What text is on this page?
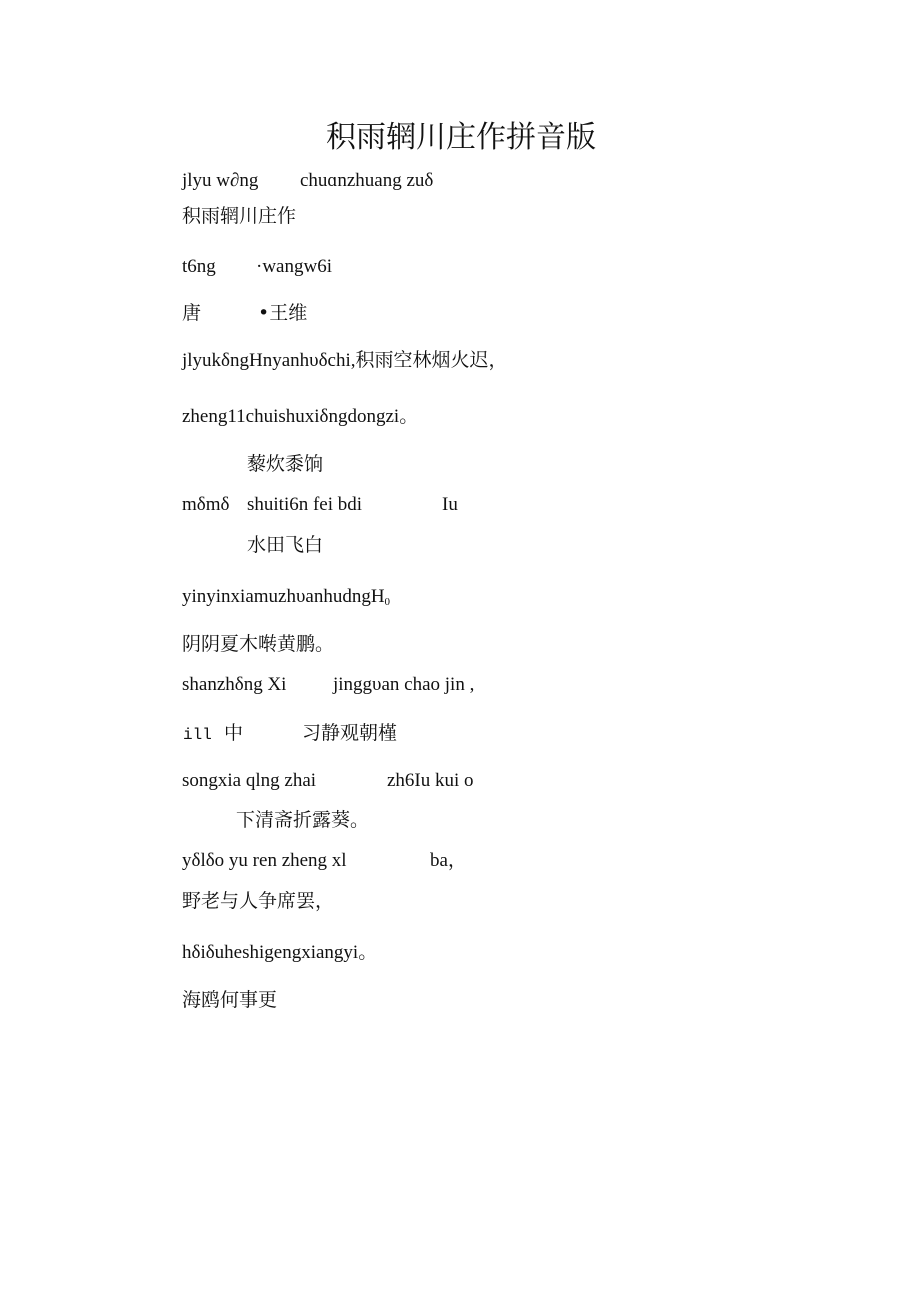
积雨辋川庄作拼音版
jlyu w∂ng chuɑnzhuang zuδ
积雨辋川庄作
t6ng ·wangw6i
唐	•王维
jlyukδngHnyanhυδchi,积雨空林烟火迟，
zheng11chuishuxiδngdongzi。
藜炊黍饷
mδmδ shuiti6n fei bdi	Iu
水田飞白
yinyinxiamuzhυanhudngH$_0$
阴阴夏木啭黄鹏。
shanzhδng Xi jinggυan chao jin ,
ill 中	习静观朝槿
songxia qlng zhai	zh6Iu kui o
下清斋折露葵。
yδlδo yu ren zheng xl	ba，
野老与人争席罢，
hδiδuheshigengxiangyi。
海鸥何事更
